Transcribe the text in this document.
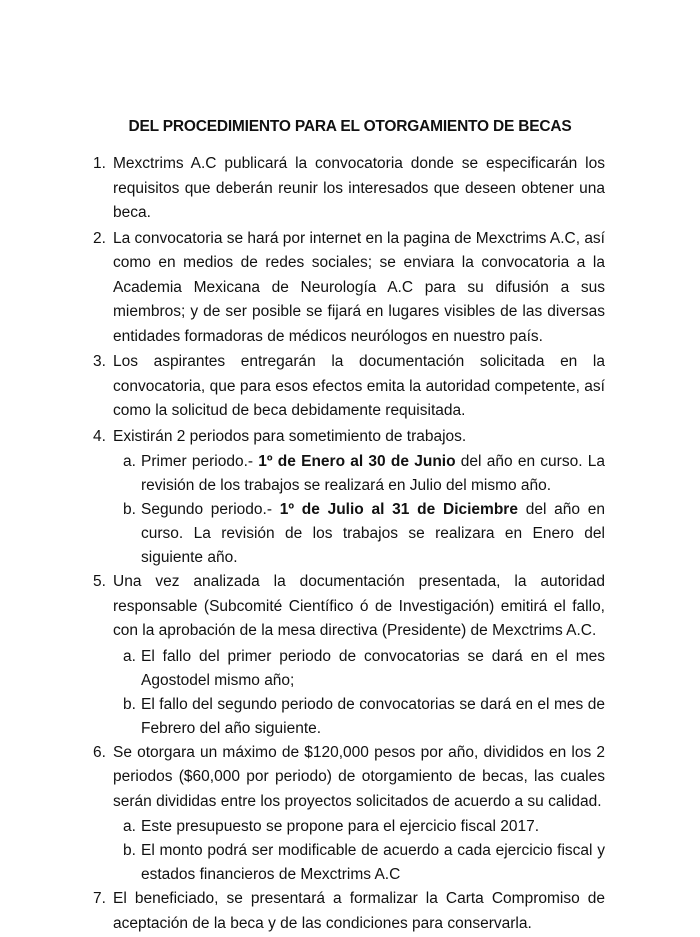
DEL PROCEDIMIENTO PARA EL OTORGAMIENTO DE BECAS
1. Mexctrims A.C publicará la convocatoria donde se especificarán los requisitos que deberán reunir los interesados que deseen obtener una beca.
2. La convocatoria se hará por internet en la pagina de Mexctrims A.C, así como en medios de redes sociales; se enviara la convocatoria a la Academia Mexicana de Neurología A.C para su difusión a sus miembros; y de ser posible se fijará en lugares visibles de las diversas entidades formadoras de médicos neurólogos en nuestro país.
3. Los aspirantes entregarán la documentación solicitada en la convocatoria, que para esos efectos emita la autoridad competente, así como la solicitud de beca debidamente requisitada.
4. Existirán 2 periodos para sometimiento de trabajos.
a. Primer periodo.- 1º de Enero al 30 de Junio del año en curso. La revisión de los trabajos se realizará en Julio del mismo año.
b. Segundo periodo.- 1º de Julio al 31 de Diciembre del año en curso. La revisión de los trabajos se realizara en Enero del siguiente año.
5. Una vez analizada la documentación presentada, la autoridad responsable (Subcomité Científico ó de Investigación) emitirá el fallo, con la aprobación de la mesa directiva (Presidente) de Mexctrims A.C.
a. El fallo del primer periodo de convocatorias se dará en el mes Agostodel mismo año;
b. El fallo del segundo periodo de convocatorias se dará en el mes de Febrero del año siguiente.
6. Se otorgara un máximo de $120,000 pesos por año, divididos en los 2 periodos ($60,000 por periodo) de otorgamiento de becas, las cuales serán divididas entre los proyectos solicitados de acuerdo a su calidad.
a. Este presupuesto se propone para el ejercicio fiscal 2017.
b. El monto podrá ser modificable de acuerdo a cada ejercicio fiscal y estados financieros de Mexctrims A.C
7. El beneficiado, se presentará a formalizar la Carta Compromiso de aceptación de la beca y de las condiciones para conservarla.
